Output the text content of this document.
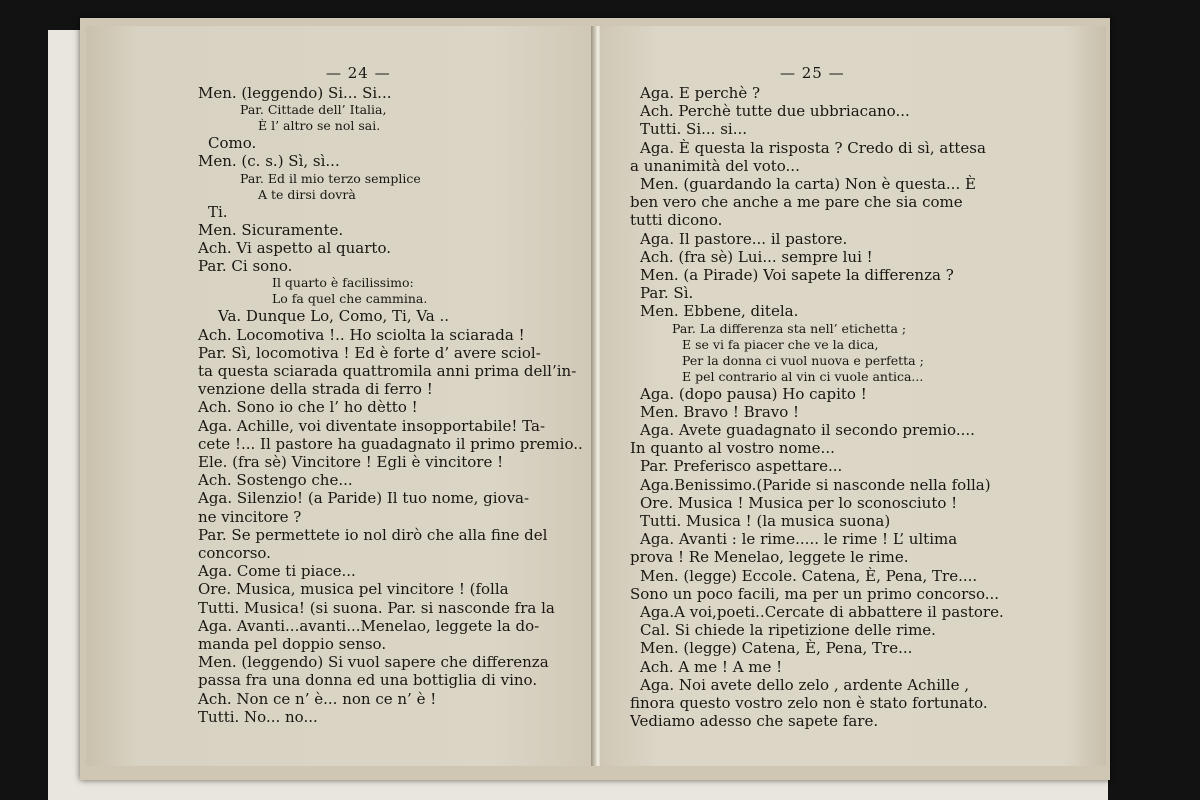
— 24 —
Men. (leggendo) Si... Si...
Par. Cittade dell’ Italia,
È l’ altro se nol sai.
Como.
Men. (c. s.) Sì, sì...
Par. Ed il mio terzo semplice
A te dirsi dovrà
Ti.
Men. Sicuramente.
Ach. Vi aspetto al quarto.
Par. Ci sono.
Il quarto è facilissimo:
Lo fa quel che cammina.
Va. Dunque Lo, Como, Ti, Va ..
Ach. Locomotiva !.. Ho sciolta la sciarada !
Par. Sì, locomotiva ! Ed è forte d’ avere sciol-
ta questa sciarada quattromila anni prima dell’in-
venzione della strada di ferro !
Ach. Sono io che l’ ho dètto !
Aga. Achille, voi diventate insopportabile! Ta-
cete !... Il pastore ha guadagnato il primo premio..
Ele. (fra sè) Vincitore ! Egli è vincitore !
Ach. Sostengo che...
Aga. Silenzio! (a Paride) Il tuo nome, giova-
ne vincitore ?
Par. Se permettete io nol dirò che alla fine del
concorso.
Aga. Come ti piace...
Ore. Musica, musica pel vincitore ! (folla
Tutti. Musica! (si suona. Par. si nasconde fra la
Aga. Avanti...avanti...Menelao, leggete la do-
manda pel doppio senso.
Men. (leggendo) Si vuol sapere che differenza
passa fra una donna ed una bottiglia di vino.
Ach. Non ce n’ è... non ce n’ è !
Tutti. No... no...
— 25 —
Aga. E perchè ?
Ach. Perchè tutte due ubbriacano...
Tutti. Si... si...
Aga. È questa la risposta ? Credo di sì, attesa
a unanimità del voto...
Men. (guardando la carta) Non è questa... È
ben vero che anche a me pare che sia come
tutti dicono.
Aga. Il pastore... il pastore.
Ach. (fra sè) Lui... sempre lui !
Men. (a Pirade) Voi sapete la differenza ?
Par. Sì.
Men. Ebbene, ditela.
Par. La differenza sta nell’ etichetta ;
E se vi fa piacer che ve la dica,
Per la donna ci vuol nuova e perfetta ;
E pel contrario al vin ci vuole antica...
Aga. (dopo pausa) Ho capito !
Men. Bravo ! Bravo !
Aga. Avete guadagnato il secondo premio....
In quanto al vostro nome...
Par. Preferisco aspettare...
Aga.Benissimo.(Paride si nasconde nella folla)
Ore. Musica ! Musica per lo sconosciuto !
Tutti. Musica ! (la musica suona)
Aga. Avanti : le rime..... le rime ! L’ ultima
prova ! Re Menelao, leggete le rime.
Men. (legge) Eccole. Catena, È, Pena, Tre....
Sono un poco facili, ma per un primo concorso...
Aga.A voi,poeti..Cercate di abbattere il pastore.
Cal. Si chiede la ripetizione delle rime.
Men. (legge) Catena, È, Pena, Tre...
Ach. A me ! A me !
Aga. Noi avete dello zelo , ardente Achille ,
finora questo vostro zelo non è stato fortunato.
Vediamo adesso che sapete fare.
